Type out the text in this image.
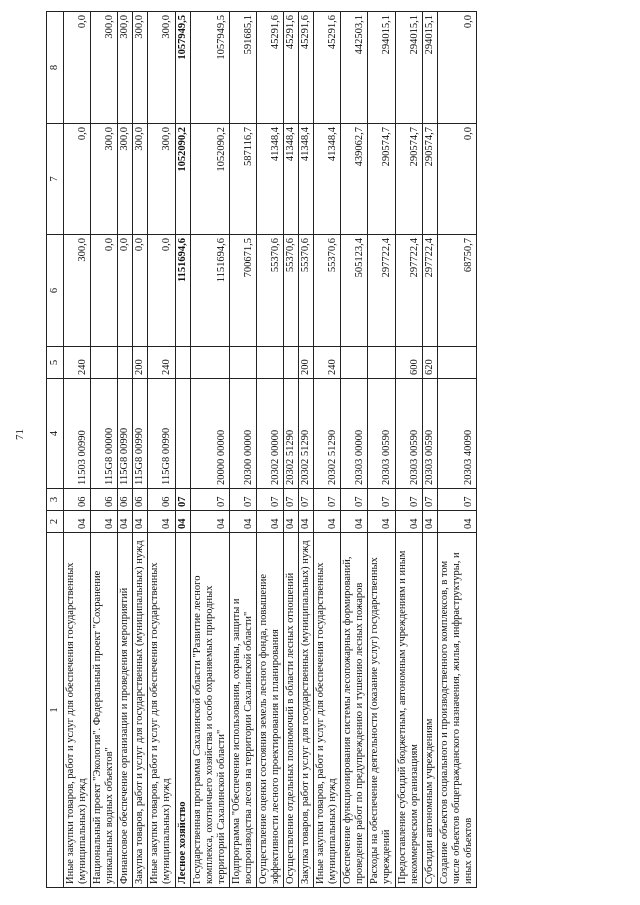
71
1	2	3	4	5	6	7	8
Иные закупки товаров, работ и услуг для обеспечения государственных (муниципальных) нужд	04	06	11503 00990	240	300,0	0,0	0,0
Национальный проект "Экология". Федеральный проект "Сохранение уникальных водных объектов"	04	06	115G8 00000		0,0	300,0	300,0
Финансовое обеспечение организации и проведения мероприятий	04	06	115G8 00990		0,0	300,0	300,0
Закупка товаров, работ и услуг для государственных (муниципальных) нужд	04	06	115G8 00990	200	0,0	300,0	300,0
Иные закупки товаров, работ и услуг для обеспечения государственных (муниципальных) нужд	04	06	115G8 00990	240	0,0	300,0	300,0
Лесное хозяйство	04	07			1151694,6	1052090,2	1057949,5
Государственная программа Сахалинской области "Развитие лесного комплекса, охотничьего хозяйства и особо охраняемых природных территорий Сахалинской области"	04	07	20000 00000		1151694,6	1052090,2	1057949,5
Подпрограмма "Обеспечение использования, охраны, защиты и воспроизводства лесов на территории Сахалинской области"	04	07	20300 00000		700671,5	587116,7	591685,1
Осуществление оценки состояния земель лесного фонда, повышение эффективности лесного проектирования и планирования	04	07	20302 00000		55370,6	41348,4	45291,6
Осуществление отдельных полномочий в области лесных отношений	04	07	20302 51290		55370,6	41348,4	45291,6
Закупка товаров, работ и услуг для государственных (муниципальных) нужд	04	07	20302 51290	200	55370,6	41348,4	45291,6
Иные закупки товаров, работ и услуг для обеспечения государственных (муниципальных) нужд	04	07	20302 51290	240	55370,6	41348,4	45291,6
Обеспечение функционирования системы лесопожарных формирований, проведение работ по предупреждению и тушению лесных пожаров	04	07	20303 00000		505123,4	439062,7	442503,1
Расходы на обеспечение деятельности (оказание услуг) государственных учреждений	04	07	20303 00590		297722,4	290574,7	294015,1
Предоставление субсидий бюджетным, автономным учреждениям и иным некоммерческим организациям	04	07	20303 00590	600	297722,4	290574,7	294015,1
Субсидии автономным учреждениям	04	07	20303 00590	620	297722,4	290574,7	294015,1
Создание объектов социального и производственного комплексов, в том числе объектов общегражданского назначения, жилья, инфраструктуры, и иных объектов	04	07	20303 40090		68750,7	0,0	0,0
